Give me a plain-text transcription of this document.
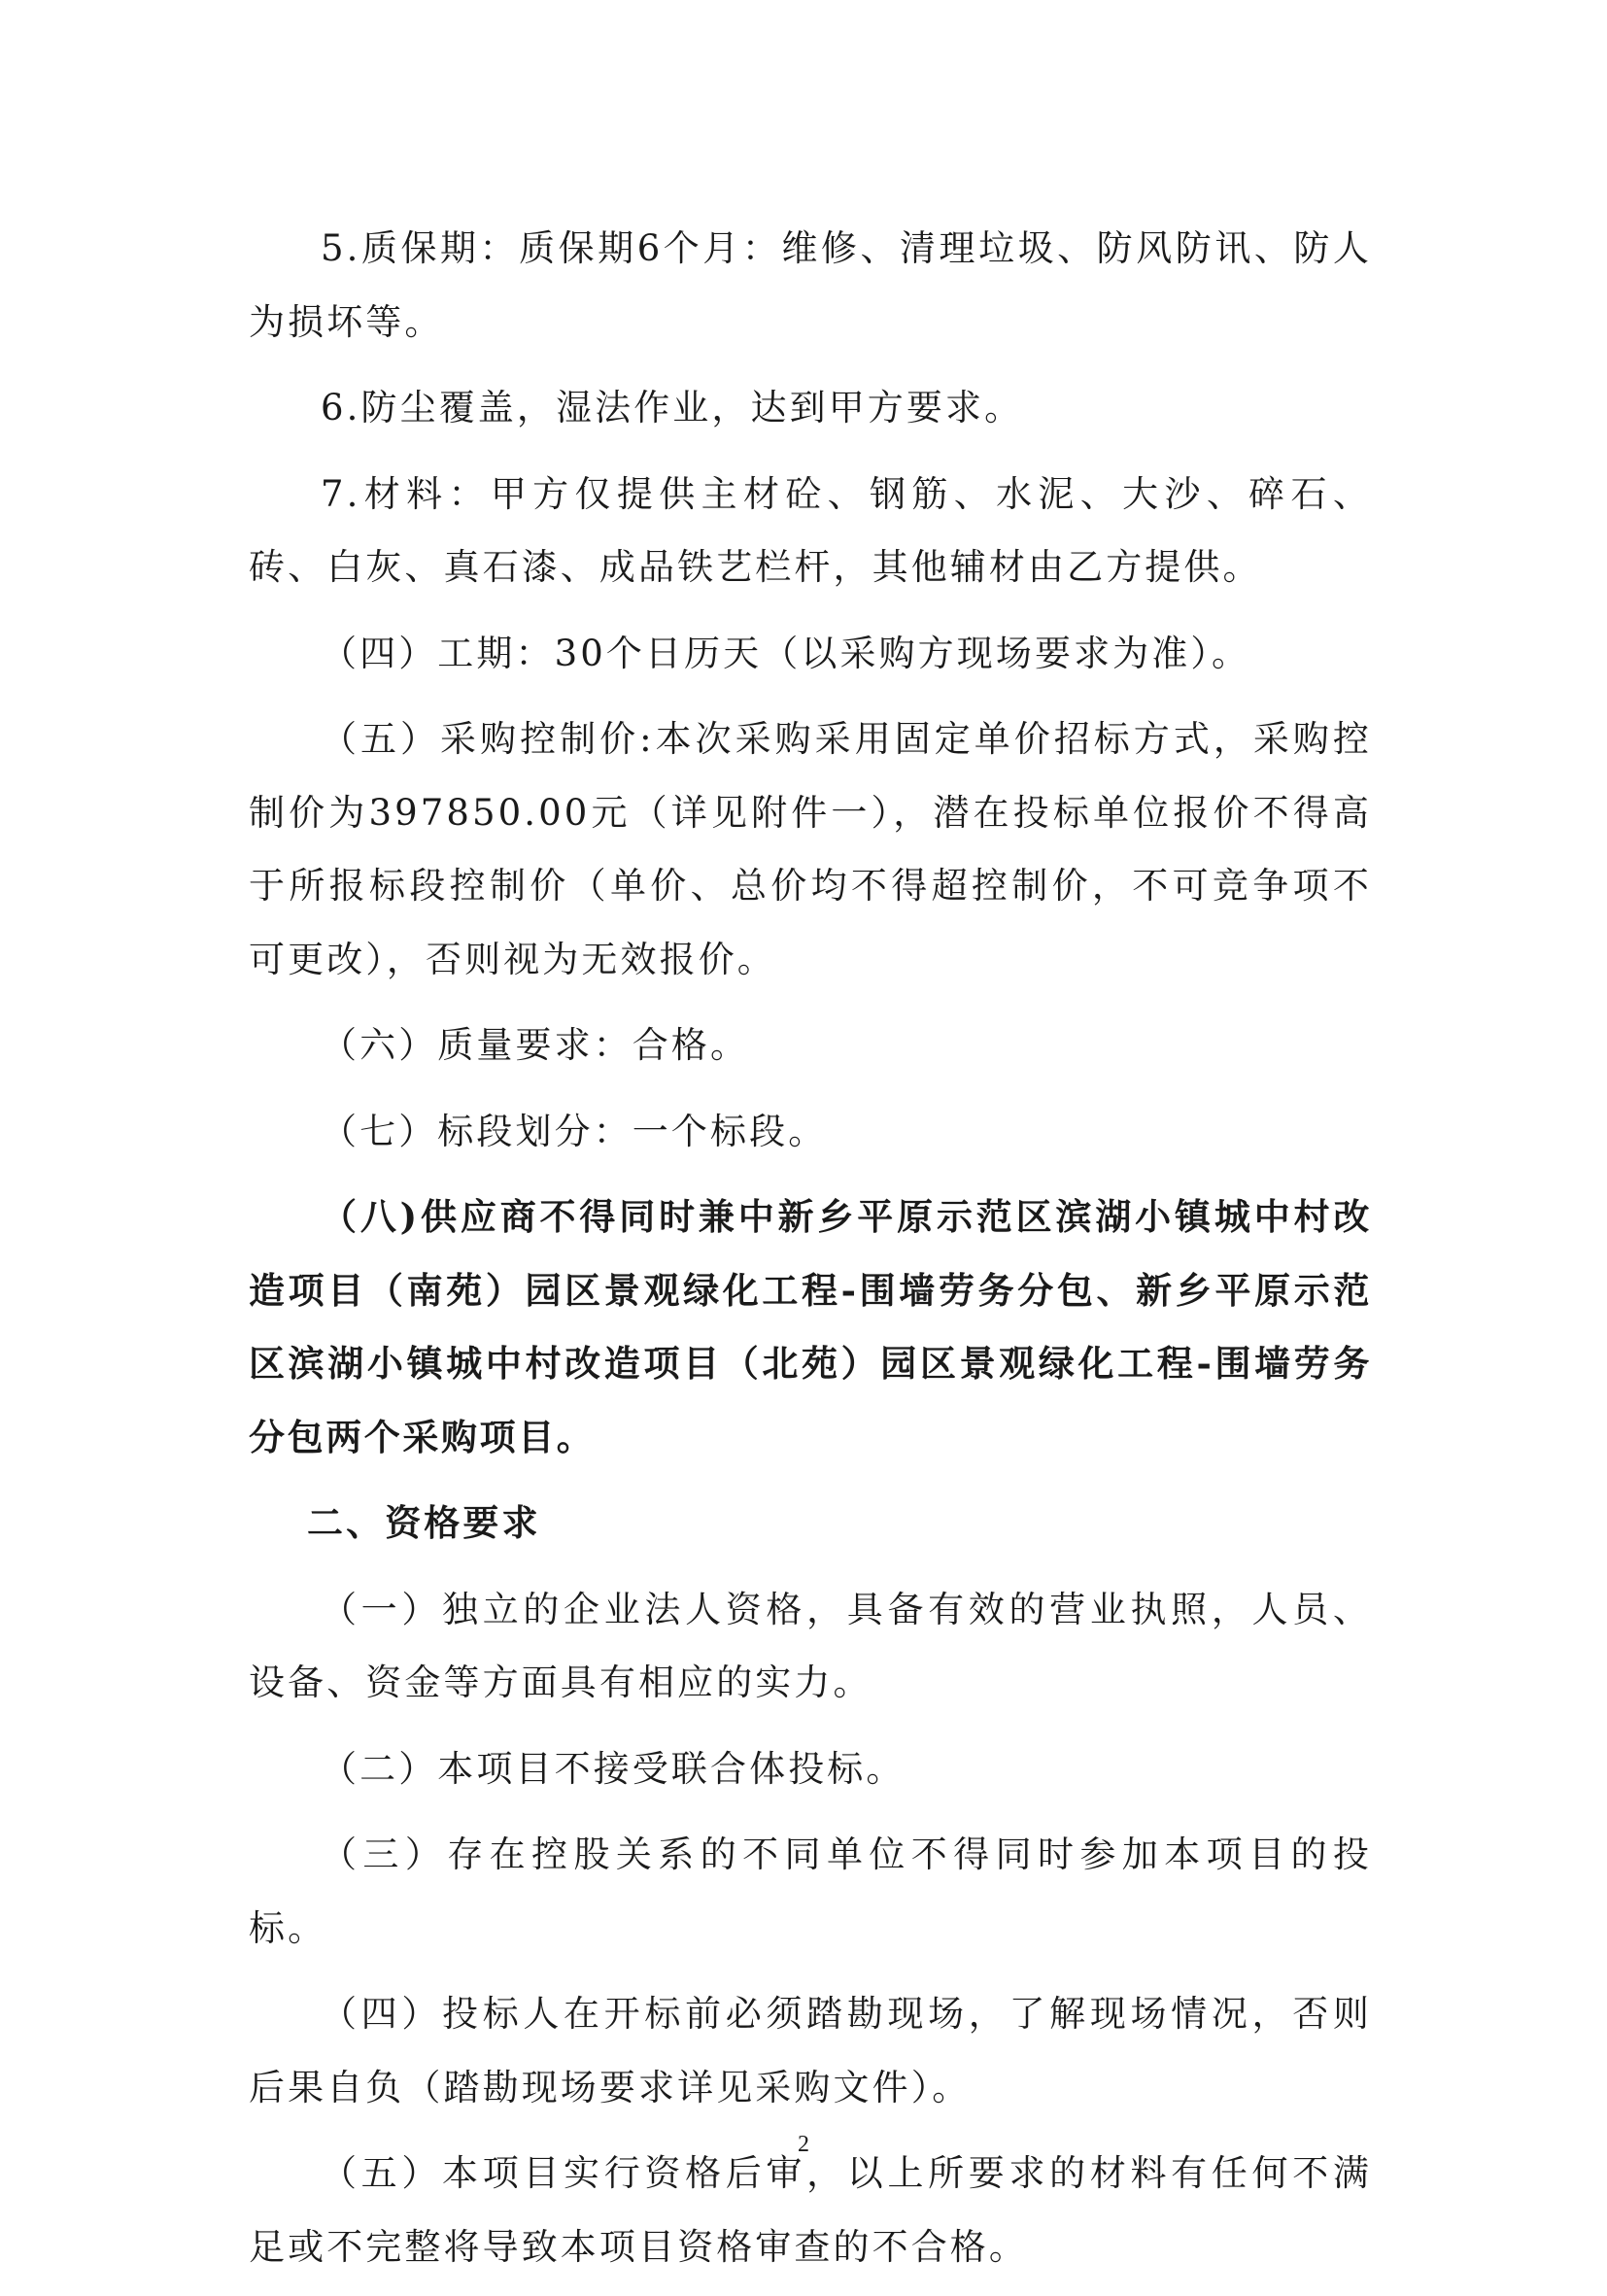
5.质保期：质保期6个月：维修、清理垃圾、防风防讯、防人为损坏等。

6.防尘覆盖，湿法作业，达到甲方要求。

7.材料：甲方仅提供主材砼、钢筋、水泥、大沙、碎石、砖、白灰、真石漆、成品铁艺栏杆，其他辅材由乙方提供。

（四）工期：30个日历天（以采购方现场要求为准）。

（五）采购控制价:本次采购采用固定单价招标方式，采购控制价为397850.00元（详见附件一），潜在投标单位报价不得高于所报标段控制价（单价、总价均不得超控制价，不可竞争项不可更改），否则视为无效报价。

（六）质量要求：合格。

（七）标段划分：一个标段。

（八)供应商不得同时兼中新乡平原示范区滨湖小镇城中村改造项目（南苑）园区景观绿化工程-围墙劳务分包、新乡平原示范区滨湖小镇城中村改造项目（北苑）园区景观绿化工程-围墙劳务分包两个采购项目。

二、资格要求

（一）独立的企业法人资格，具备有效的营业执照，人员、设备、资金等方面具有相应的实力。

（二）本项目不接受联合体投标。

（三）存在控股关系的不同单位不得同时参加本项目的投标。

（四）投标人在开标前必须踏勘现场，了解现场情况，否则后果自负（踏勘现场要求详见采购文件）。

（五）本项目实行资格后审，以上所要求的材料有任何不满足或不完整将导致本项目资格审查的不合格。

2
